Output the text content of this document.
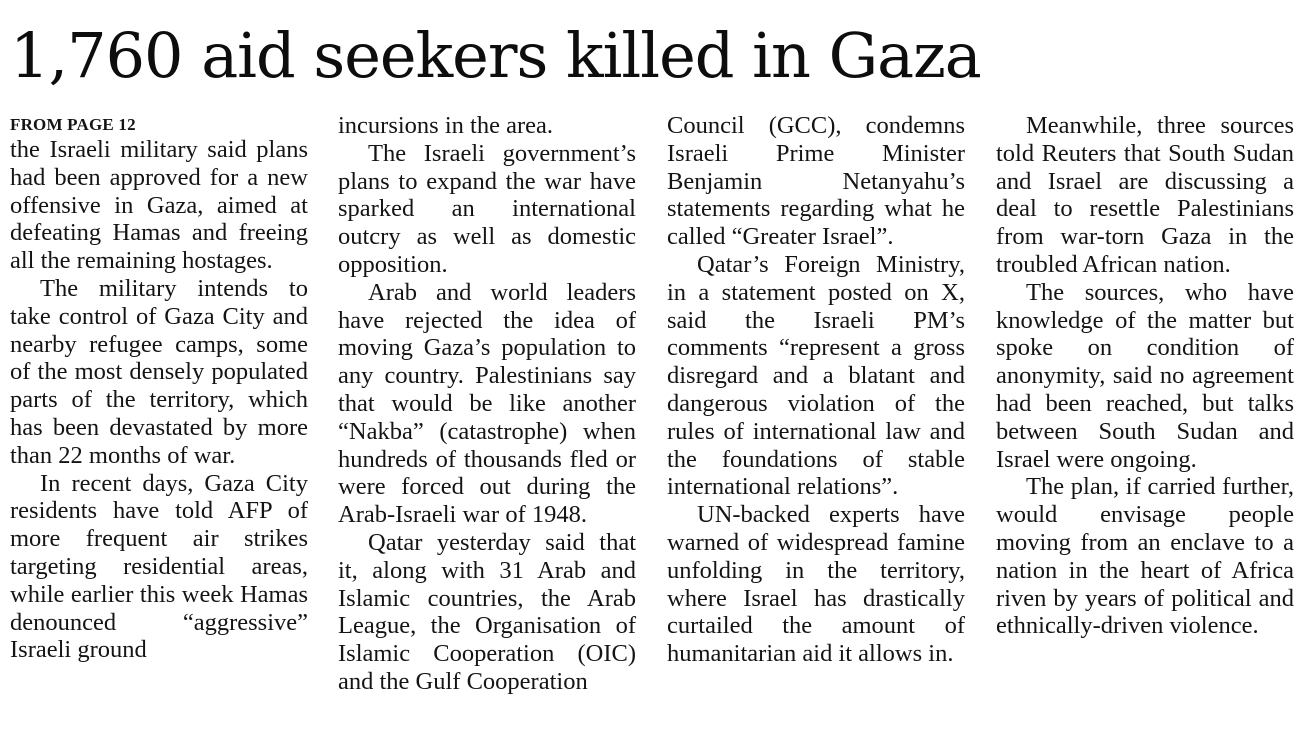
1,760 aid seekers killed in Gaza
FROM PAGE 12

the Israeli military said plans had been approved for a new offensive in Gaza, aimed at defeating Hamas and freeing all the remaining hostages.

The military intends to take control of Gaza City and nearby refugee camps, some of the most densely populated parts of the territory, which has been devastated by more than 22 months of war.

In recent days, Gaza City residents have told AFP of more frequent air strikes targeting residential areas, while earlier this week Hamas denounced “aggressive” Israeli ground

incursions in the area.

The Israeli government’s plans to expand the war have sparked an international outcry as well as domestic opposition.

Arab and world leaders have rejected the idea of moving Gaza’s population to any country. Palestinians say that would be like another “Nakba” (catastrophe) when hundreds of thousands fled or were forced out during the Arab-Israeli war of 1948.

Qatar yesterday said that it, along with 31 Arab and Islamic countries, the Arab League, the Organisation of Islamic Cooperation (OIC) and the Gulf Cooperation

Council (GCC), condemns Israeli Prime Minister Benjamin Netanyahu’s statements regarding what he called “Greater Israel”.

Qatar’s Foreign Ministry, in a statement posted on X, said the Israeli PM’s comments “represent a gross disregard and a blatant and dangerous violation of the rules of international law and the foundations of stable international relations”.

UN-backed experts have warned of widespread famine unfolding in the territory, where Israel has drastically curtailed the amount of humanitarian aid it allows in.

Meanwhile, three sources told Reuters that South Sudan and Israel are discussing a deal to resettle Palestinians from war-torn Gaza in the troubled African nation.

The sources, who have knowledge of the matter but spoke on condition of anonymity, said no agreement had been reached, but talks between South Sudan and Israel were ongoing.

The plan, if carried further, would envisage people moving from an enclave to a nation in the heart of Africa riven by years of political and ethnically-driven violence.
